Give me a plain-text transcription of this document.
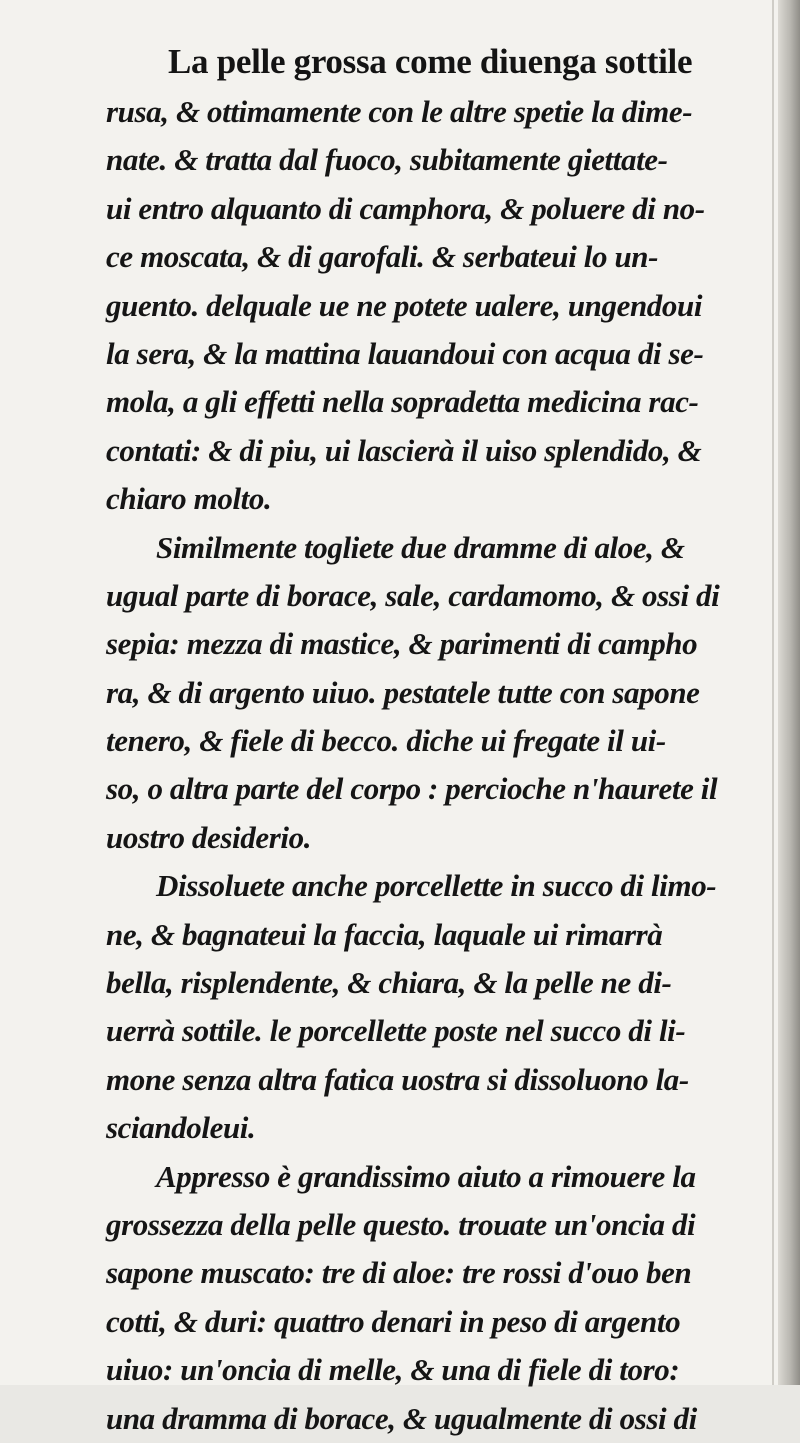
La pelle grossa come diuenga sottile
rusa, & ottimamente con le altre spetie la dime-
nate. & tratta dal fuoco, subitamente giettate-
ui entro alquanto di camphora, & poluere di no-
ce moscata, & di garofali. & serbateui lo un-
guento. delquale ue ne potete ualere, ungendoui
la sera, & la mattina lauandoui con acqua di se-
mola, a gli effetti nella sopradetta medicina rac-
contati: & di piu, ui lascierà il uiso splendido, &
chiaro molto.
Similmente togliete due dramme di aloe, &
ugual parte di borace, sale, cardamomo, & ossi di
sepia: mezza di mastice, & parimenti di campho
ra, & di argento uiuo. pestatele tutte con sapone
tenero, & fiele di becco. diche ui fregate il ui-
so, o altra parte del corpo : percioche n'haurete il
uostro desiderio.
Dissoluete anche porcellette in succo di limo-
ne, & bagnateui la faccia, laquale ui rimarrà
bella, risplendente, & chiara, & la pelle ne di-
uerrà sottile. le porcellette poste nel succo di li-
mone senza altra fatica uostra si dissoluono la-
sciandoleui.
Appresso è grandissimo aiuto a rimouere la
grossezza della pelle questo. trouate un'oncia di
sapone muscato: tre di aloe: tre rossi d'ouo ben
cotti, & duri: quattro denari in peso di argento
uiuo: un'oncia di melle, & una di fiele di toro:
una dramma di borace, & ugualmente di ossi di
